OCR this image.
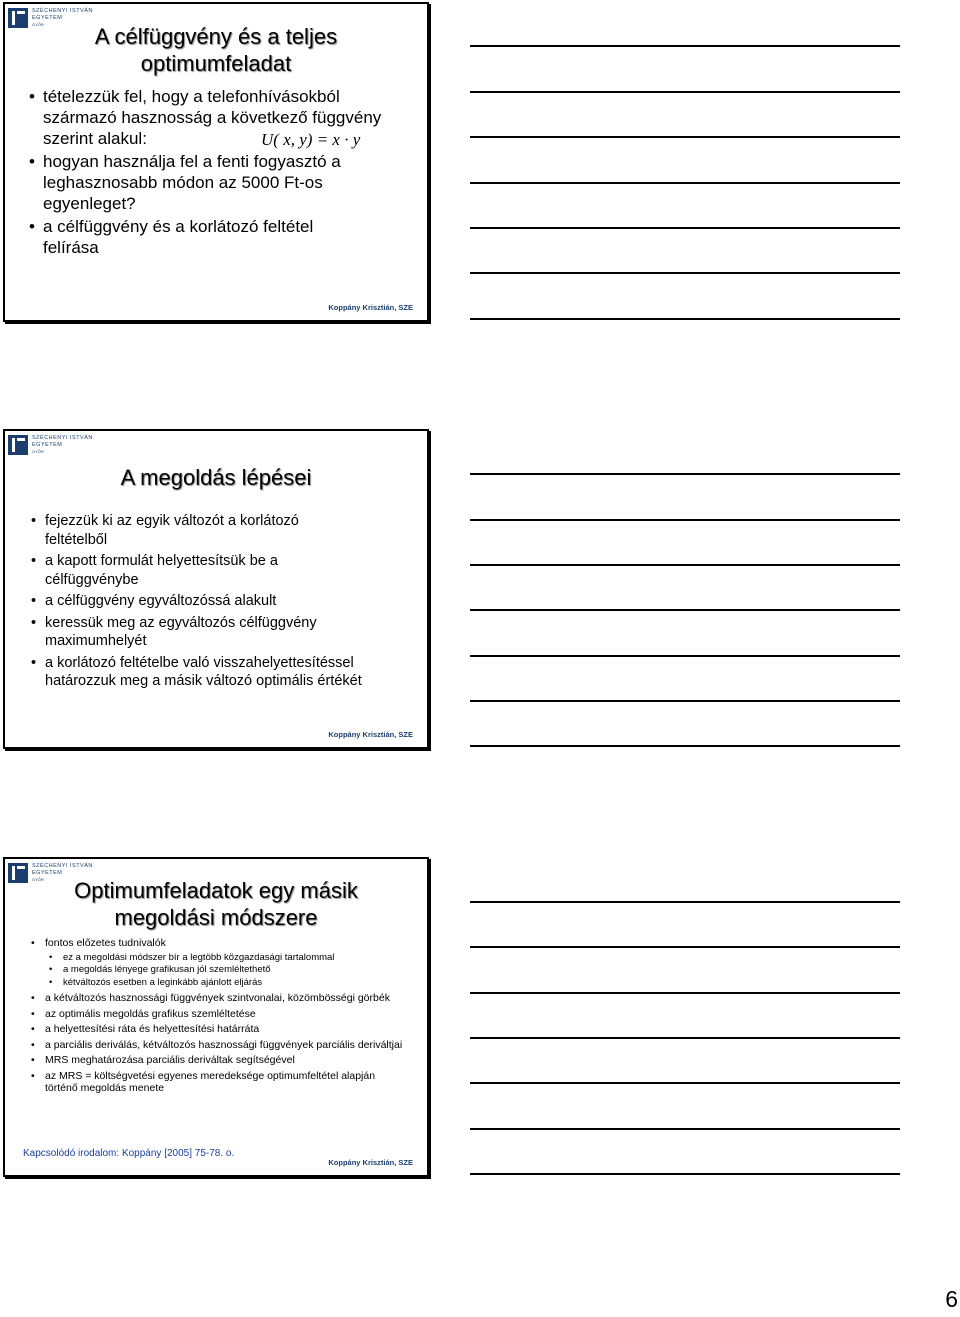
SZÉCHENYI ISTVÁN
EGYETEM
GYŐR	A célfüggvény és a teljes optimumfeladat
• tételezzük fel, hogy a telefonhívásokból származó hasznosság a következő függvény szerint alakul:
• hogyan használja fel a fenti fogyasztó a leghasznosabb módon az 5000 Ft-os egyenleget?
• a célfüggvény és a korlátozó feltétel felírása
U( x, y) = x · y
Koppány Krisztián, SZE
SZÉCHENYI ISTVÁN
EGYETEM
GYŐR
A megoldás lépései
• fejezzük ki az egyik változót a korlátozó feltételből
• a kapott formulát helyettesítsük be a célfüggvénybe
• a célfüggvény egyváltozóssá alakult
• keressük meg az egyváltozós célfüggvény maximumhelyét
• a korlátozó feltételbe való visszahelyettesítéssel határozzuk meg a másik változó optimális értékét
Koppány Krisztián, SZE
SZÉCHENYI ISTVÁN
EGYETEM
GYŐR	Optimumfeladatok egy másik megoldási módszere
• fontos előzetes tudnivalók
• ez a megoldási módszer bír a legtöbb közgazdasági tartalommal
• a megoldás lényege grafikusan jól szemléltethető
• kétváltozós esetben a leginkább ajánlott eljárás
• a kétváltozós hasznossági függvények szintvonalai, közömbösségi görbék
• az optimális megoldás grafikus szemléltetése
• a helyettesítési ráta és helyettesítési határráta
• a parciális deriválás, kétváltozós hasznossági függvények parciális deriváltjai
• MRS meghatározása parciális deriváltak segítségével
• az MRS = költségvetési egyenes meredeksége optimumfeltétel alapján történő megoldás menete
Kapcsolódó irodalom: Koppány [2005] 75-78. o.
Koppány Krisztián, SZE
6
